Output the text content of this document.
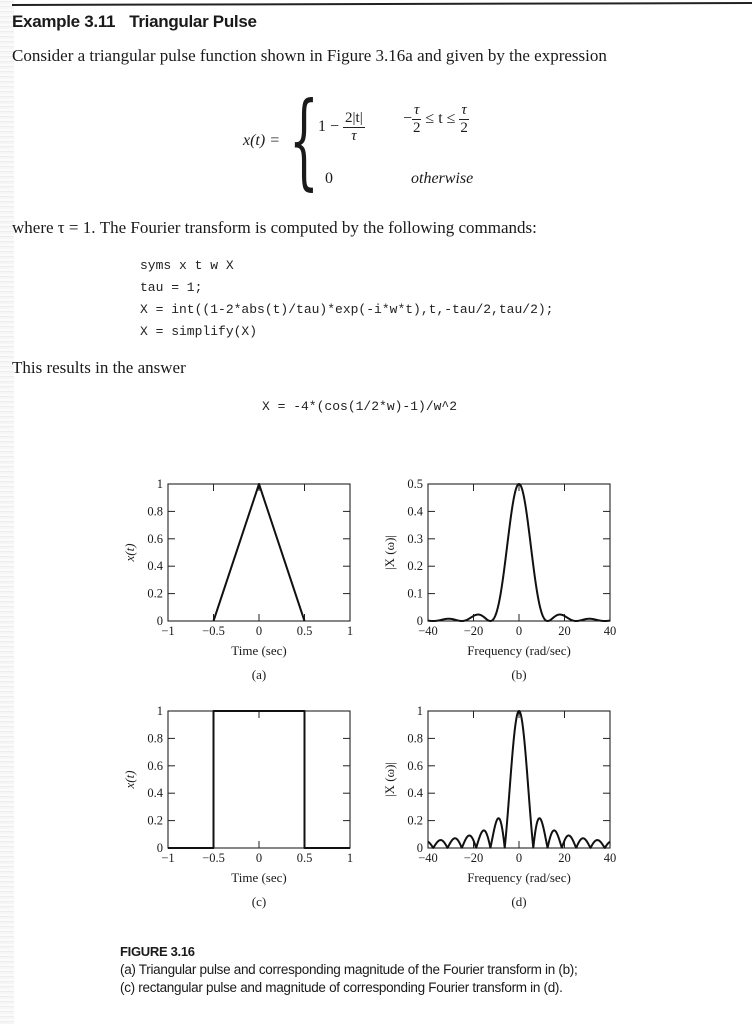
Example 3.11 Triangular Pulse
Consider a triangular pulse function shown in Figure 3.16a and given by the expression
x(t) = { $1 - \frac{2|t|}{\tau} - \frac{\tau}{2} \le t \le \frac{\tau}{2}$
0	otherwise
where τ = 1. The Fourier transform is computed by the following commands:
syms x t w X
tau = 1;
X = int((1-2*abs(t)/tau)*exp(-i*w*t),t,-tau/2,tau/2);
X = simplify(X)
This results in the answer
X = -4*(cos(1/2*w)-1)/w^2
−1 −0.5 0	0.5	1
0
0.2
0.4
0.6
0.8
1
x(t)
Time (sec)
(a)
−40 −20	0	20	40
0
0.1
0.2
0.3
0.4
0.5
|X (ω)|
Frequency (rad/sec)
(b)
−1 −0.5 0	0.5	1
0
0.2
0.4
0.6
0.8
1
x(t)
Time (sec)
(c)
−40 −20	0	20	40
0
0.2
0.4
0.6
0.8
1
|X (ω)|
Frequency (rad/sec)
(d)
FIGURE 3.16
(a) Triangular pulse and corresponding magnitude of the Fourier transform in (b);
(c) rectangular pulse and magnitude of corresponding Fourier transform in (d).
